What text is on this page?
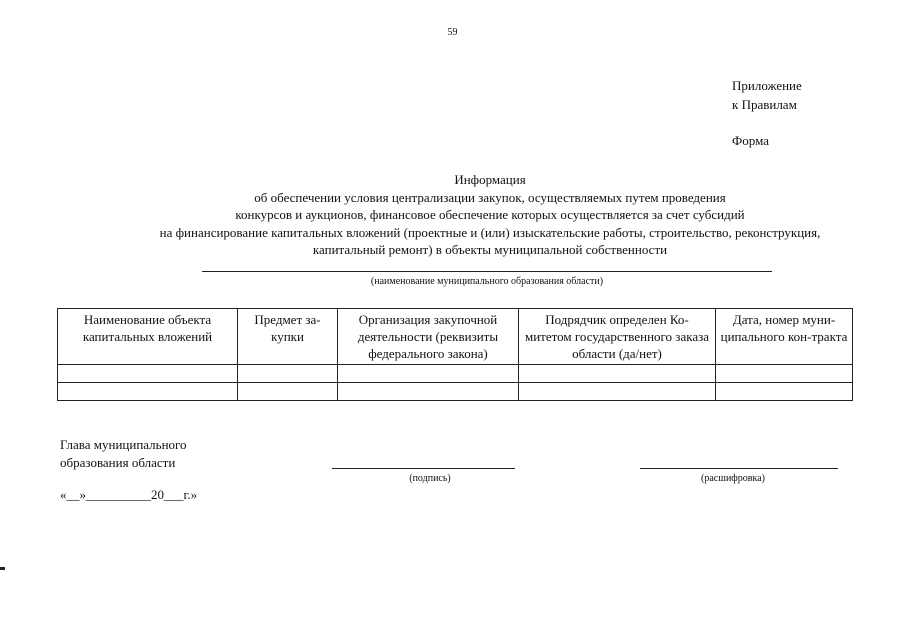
59
Приложение
к Правилам
Форма
Информация
об обеспечении условия централизации закупок, осуществляемых путем проведения
конкурсов и аукционов, финансовое обеспечение которых осуществляется за счет субсидий
на финансирование капитальных вложений (проектные и (или) изыскательские работы, строительство, реконструкция,
капитальный ремонт) в объекты муниципальной собственности
(наименование муниципального образования области)
Наименование объекта капитальных вложений	Предмет за-купки	Организация закупочной деятельности (реквизиты федерального закона)	Подрядчик определен Ко-митетом государственного заказа области (да/нет)	Дата, номер муни-ципального кон-тракта

Глава муниципального
образования области
(подпись)	(расшифровка)
«__»__________20___г.»
